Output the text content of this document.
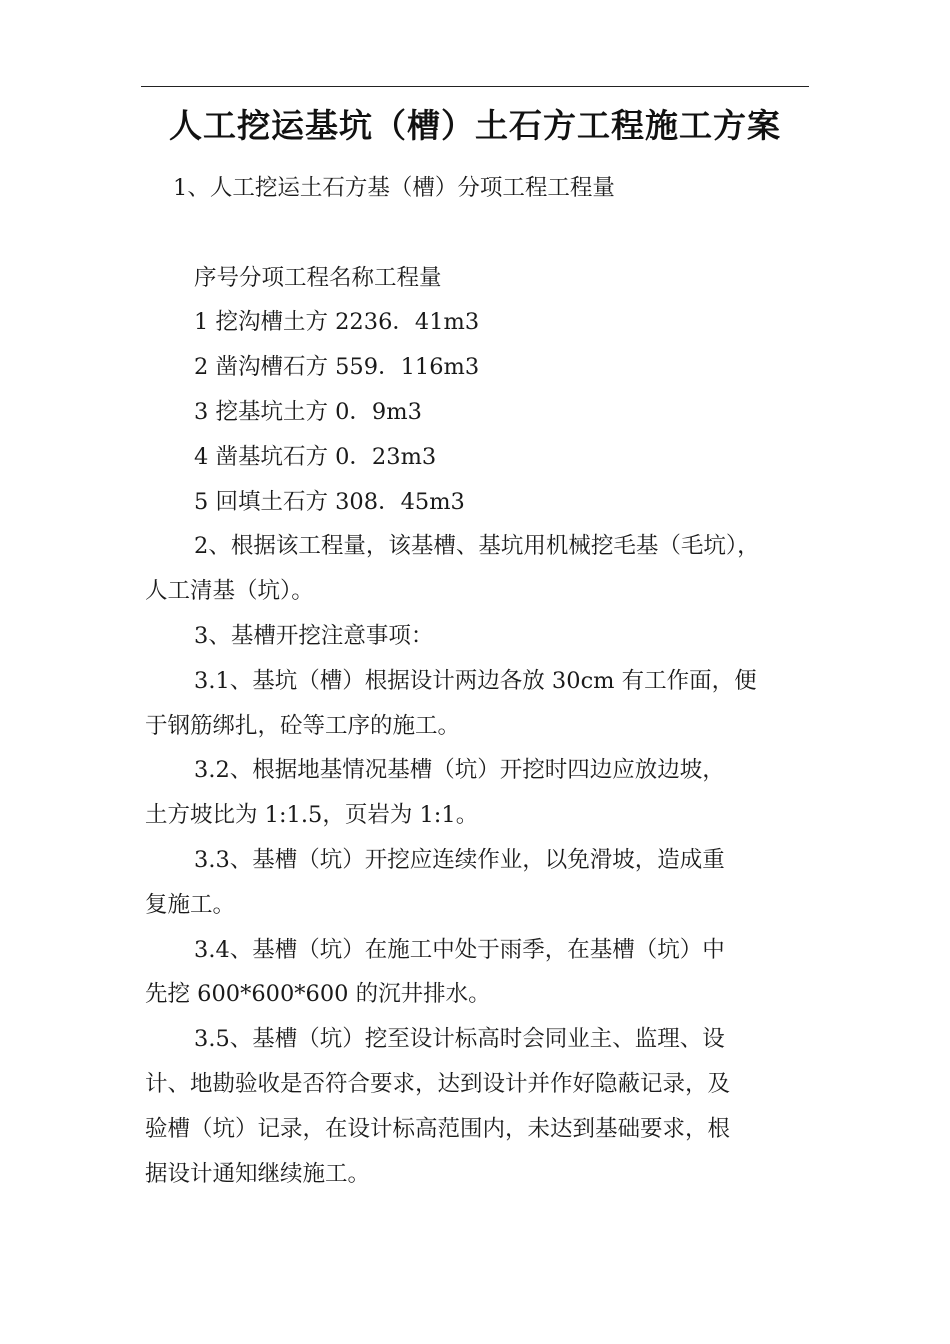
人工挖运基坑（槽）土石方工程施工方案
1、人工挖运土石方基（槽）分项工程工程量
序号分项工程名称工程量
1 挖沟槽土方 2236．41m3
2 凿沟槽石方 559．116m3
3 挖基坑土方 0．9m3
4 凿基坑石方 0．23m3
5 回填土石方 308．45m3
2、根据该工程量，该基槽、基坑用机械挖毛基（毛坑），
人工清基（坑）。
3、基槽开挖注意事项：
3.1、基坑（槽）根据设计两边各放 30cm 有工作面，便
于钢筋绑扎，砼等工序的施工。
3.2、根据地基情况基槽（坑）开挖时四边应放边坡，
土方坡比为 1:1.5，页岩为 1:1。
3.3、基槽（坑）开挖应连续作业，以免滑坡，造成重
复施工。
3.4、基槽（坑）在施工中处于雨季，在基槽（坑）中
先挖 600*600*600 的沉井排水。
3.5、基槽（坑）挖至设计标高时会同业主、监理、设
计、地勘验收是否符合要求，达到设计并作好隐蔽记录，及
验槽（坑）记录，在设计标高范围内，未达到基础要求，根
据设计通知继续施工。
